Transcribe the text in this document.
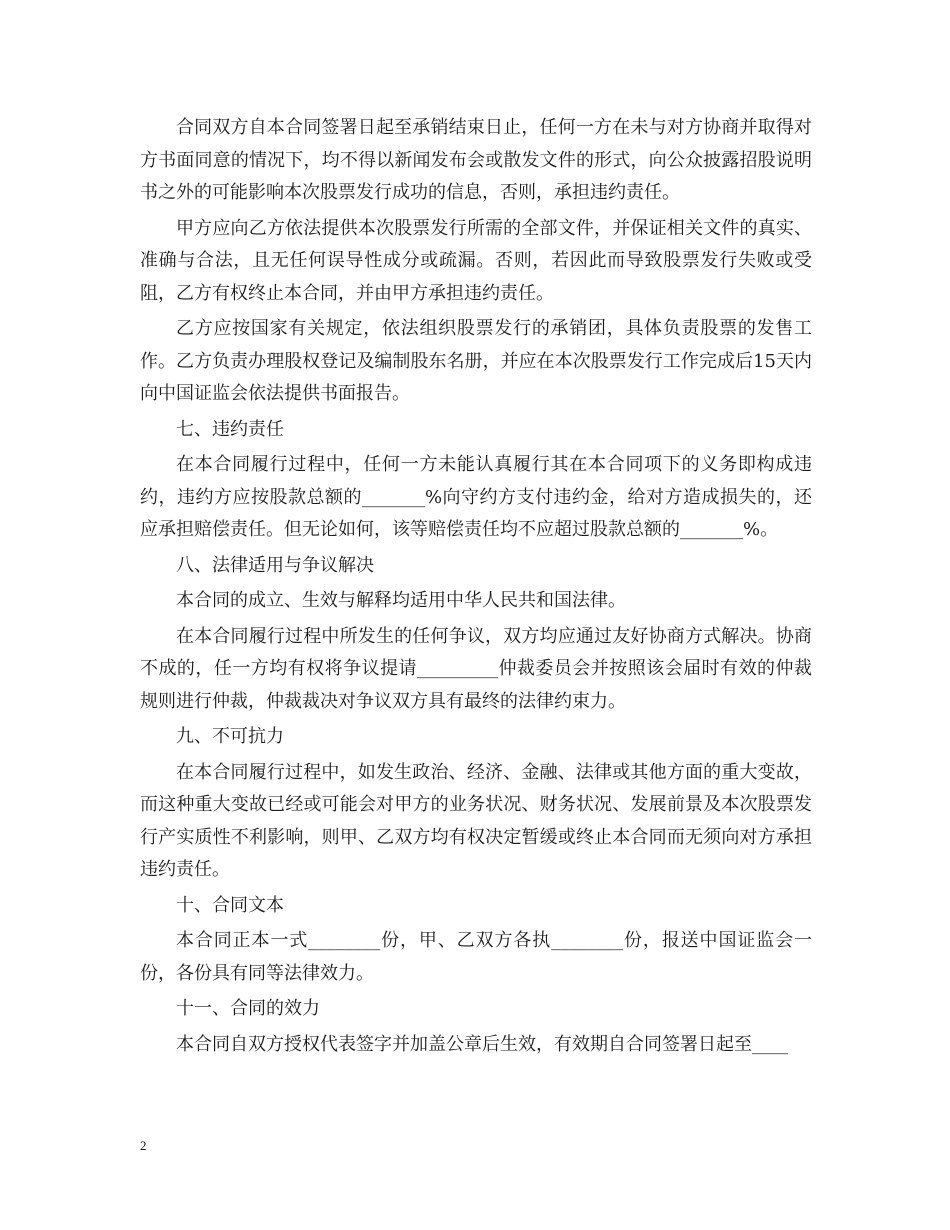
合同双方自本合同签署日起至承销结束日止，任何一方在未与对方协商并取得对方书面同意的情况下，均不得以新闻发布会或散发文件的形式，向公众披露招股说明书之外的可能影响本次股票发行成功的信息，否则，承担违约责任。

甲方应向乙方依法提供本次股票发行所需的全部文件，并保证相关文件的真实、准确与合法，且无任何误导性成分或疏漏。否则，若因此而导致股票发行失败或受阻，乙方有权终止本合同，并由甲方承担违约责任。

乙方应按国家有关规定，依法组织股票发行的承销团，具体负责股票的发售工作。乙方负责办理股权登记及编制股东名册，并应在本次股票发行工作完成后15天内向中国证监会依法提供书面报告。

七、违约责任

在本合同履行过程中，任何一方未能认真履行其在本合同项下的义务即构成违约，违约方应按股款总额的_______%向守约方支付违约金，给对方造成损失的，还应承担赔偿责任。但无论如何，该等赔偿责任均不应超过股款总额的_______%。

八、法律适用与争议解决

本合同的成立、生效与解释均适用中华人民共和国法律。

在本合同履行过程中所发生的任何争议，双方均应通过友好协商方式解决。协商不成的，任一方均有权将争议提请_________仲裁委员会并按照该会届时有效的仲裁规则进行仲裁，仲裁裁决对争议双方具有最终的法律约束力。

九、不可抗力

在本合同履行过程中，如发生政治、经济、金融、法律或其他方面的重大变故，而这种重大变故已经或可能会对甲方的业务状况、财务状况、发展前景及本次股票发行产实质性不利影响，则甲、乙双方均有权决定暂缓或终止本合同而无须向对方承担违约责任。

十、合同文本

本合同正本一式________份，甲、乙双方各执________份，报送中国证监会一份，各份具有同等法律效力。

十一、合同的效力

本合同自双方授权代表签字并加盖公章后生效，有效期自合同签署日起至____

2
